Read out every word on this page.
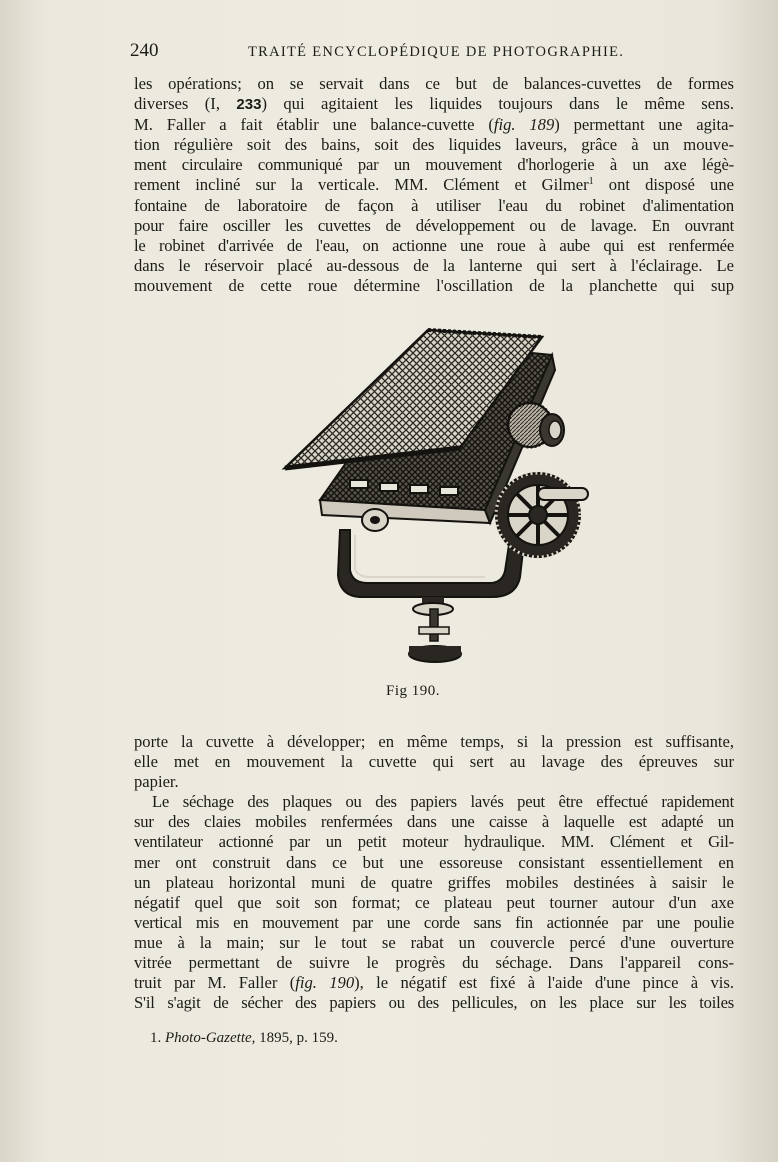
240	TRAITÉ ENCYCLOPÉDIQUE DE PHOTOGRAPHIE.
les opérations; on se servait dans ce but de balances-cuvettes de formes
diverses (I, 233) qui agitaient les liquides toujours dans le même sens.
M. Faller a fait établir une balance-cuvette (fig. 189) permettant une agita-
tion régulière soit des bains, soit des liquides laveurs, grâce à un mouve-
ment circulaire communiqué par un mouvement d'horlogerie à un axe légè-
rement incliné sur la verticale. MM. Clément et Gilmer$^1$ ont disposé une
fontaine de laboratoire de façon à utiliser l'eau du robinet d'alimentation
pour faire osciller les cuvettes de développement ou de lavage. En ouvrant
le robinet d'arrivée de l'eau, on actionne une roue à aube qui est renfermée
dans le réservoir placé au-dessous de la lanterne qui sert à l'éclairage. Le
mouvement de cette roue détermine l'oscillation de la planchette qui sup
Fig 190.
porte la cuvette à développer; en même temps, si la pression est suffisante,
elle met en mouvement la cuvette qui sert au lavage des épreuves sur
papier.
Le séchage des plaques ou des papiers lavés peut être effectué rapidement
sur des claies mobiles renfermées dans une caisse à laquelle est adapté un
ventilateur actionné par un petit moteur hydraulique. MM. Clément et Gil-
mer ont construit dans ce but une essoreuse consistant essentiellement en
un plateau horizontal muni de quatre griffes mobiles destinées à saisir le
négatif quel que soit son format; ce plateau peut tourner autour d'un axe
vertical mis en mouvement par une corde sans fin actionnée par une poulie
mue à la main; sur le tout se rabat un couvercle percé d'une ouverture
vitrée permettant de suivre le progrès du séchage. Dans l'appareil cons-
truit par M. Faller (fig. 190), le négatif est fixé à l'aide d'une pince à vis.
S'il s'agit de sécher des papiers ou des pellicules, on les place sur les toiles
1. Photo-Gazette, 1895, p. 159.
